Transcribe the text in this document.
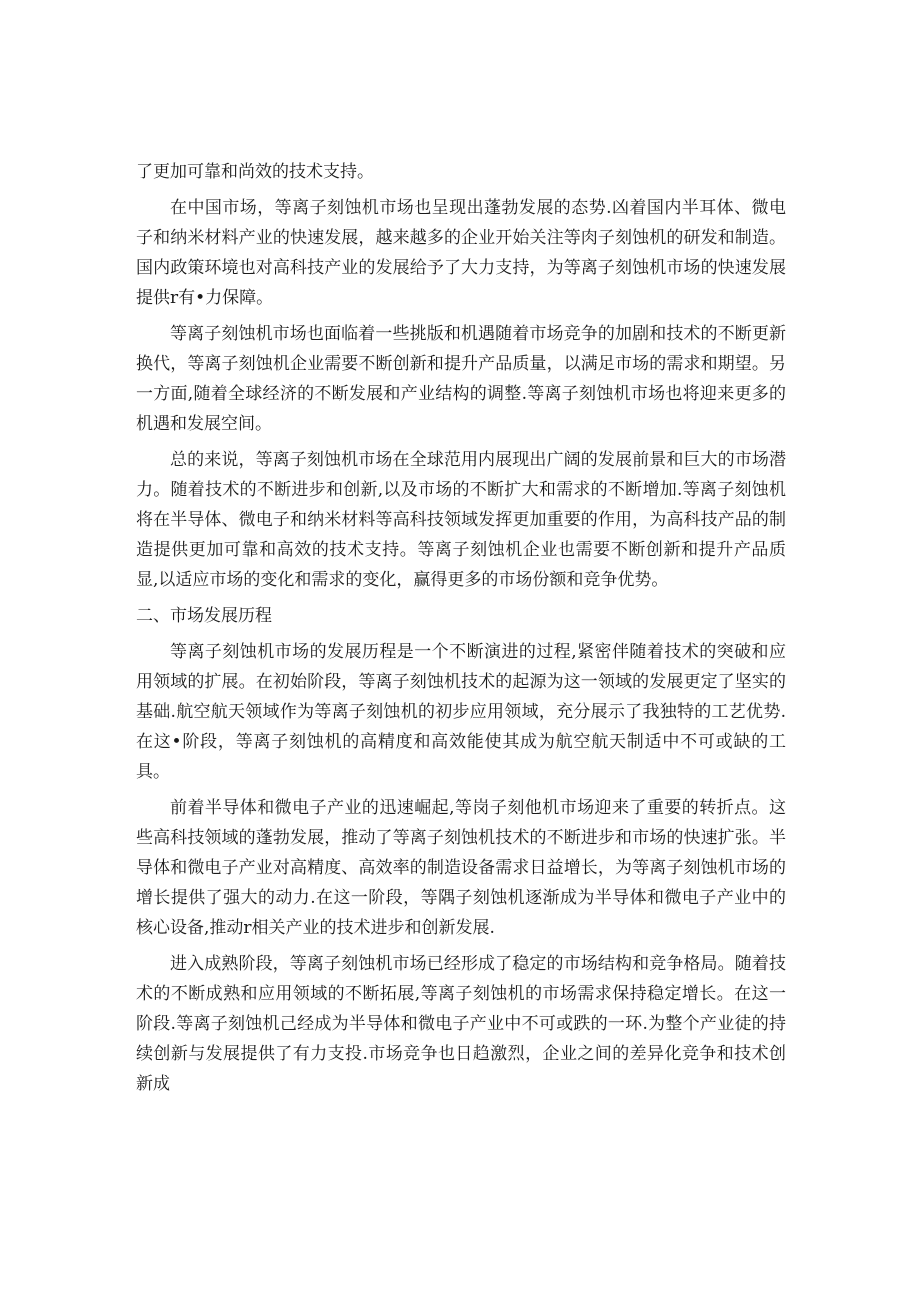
了更加可靠和尚效的技术支持。

在中国市场，等离子刻蚀机市场也呈现出蓬勃发展的态势.凶着国内半耳体、微电子和纳米材料产业的快速发展，越来越多的企业开始关注等肉子刻蚀机的研发和制造。国内政策环境也对高科技产业的发展给予了大力支持，为等离子刻蚀机市场的快速发展提供r有•力保障。

等离子刻蚀机市场也面临着一些挑版和机遇随着市场竞争的加剧和技术的不断更新换代，等离子刻蚀机企业需要不断创新和提升产品质量，以满足市场的需求和期望。另一方面,随着全球经济的不断发展和产业结构的调整.等离子刻蚀机市场也将迎来更多的机遇和发展空间。

总的来说，等离子刻蚀机市场在全球范用内展现出广阔的发展前景和巨大的市场潜力。随着技术的不断进步和创新,以及市场的不断扩大和需求的不断增加.等离子刻蚀机将在半导体、微电子和纳米材料等高科技领域发挥更加重要的作用，为高科技产品的制造提供更加可靠和高效的技术支持。等离子刻蚀机企业也需要不断创新和提升产品质显,以适应市场的变化和需求的变化，赢得更多的市场份额和竞争优势。

二、市场发展历程

等离子刻蚀机市场的发展历程是一个不断演进的过程,紧密伴随着技术的突破和应用领域的扩展。在初始阶段，等离子刻蚀机技术的起源为这一领域的发展更定了坚实的基础.航空航天领域作为等离子刻蚀机的初步应用领域，充分展示了我独特的工艺优势.在这•阶段，等离子刻蚀机的高精度和高效能使其成为航空航天制适中不可或缺的工具。

前着半导体和微电子产业的迅速崛起,等岗子刻他机市场迎来了重要的转折点。这些高科技领域的蓬勃发展，推动了等离子刻蚀机技术的不断进步和市场的快速扩张。半导体和微电子产业对高精度、高效率的制造设备需求日益增长，为等离子刻蚀机市场的增长提供了强大的动力.在这一阶段，等隅子刻蚀机逐渐成为半导体和微电子产业中的核心设备,推动r相关产业的技术进步和创新发展.

进入成熟阶段，等离子刻蚀机市场已经形成了稳定的市场结构和竞争格局。随着技术的不断成熟和应用领域的不断拓展,等离子刻蚀机的市场需求保持稳定增长。在这一阶段.等离子刻蚀机己经成为半导体和微电子产业中不可或跌的一环.为整个产业徒的持续创新与发展提供了有力支投.市场竞争也日趋激烈，企业之间的差异化竞争和技术创新成
